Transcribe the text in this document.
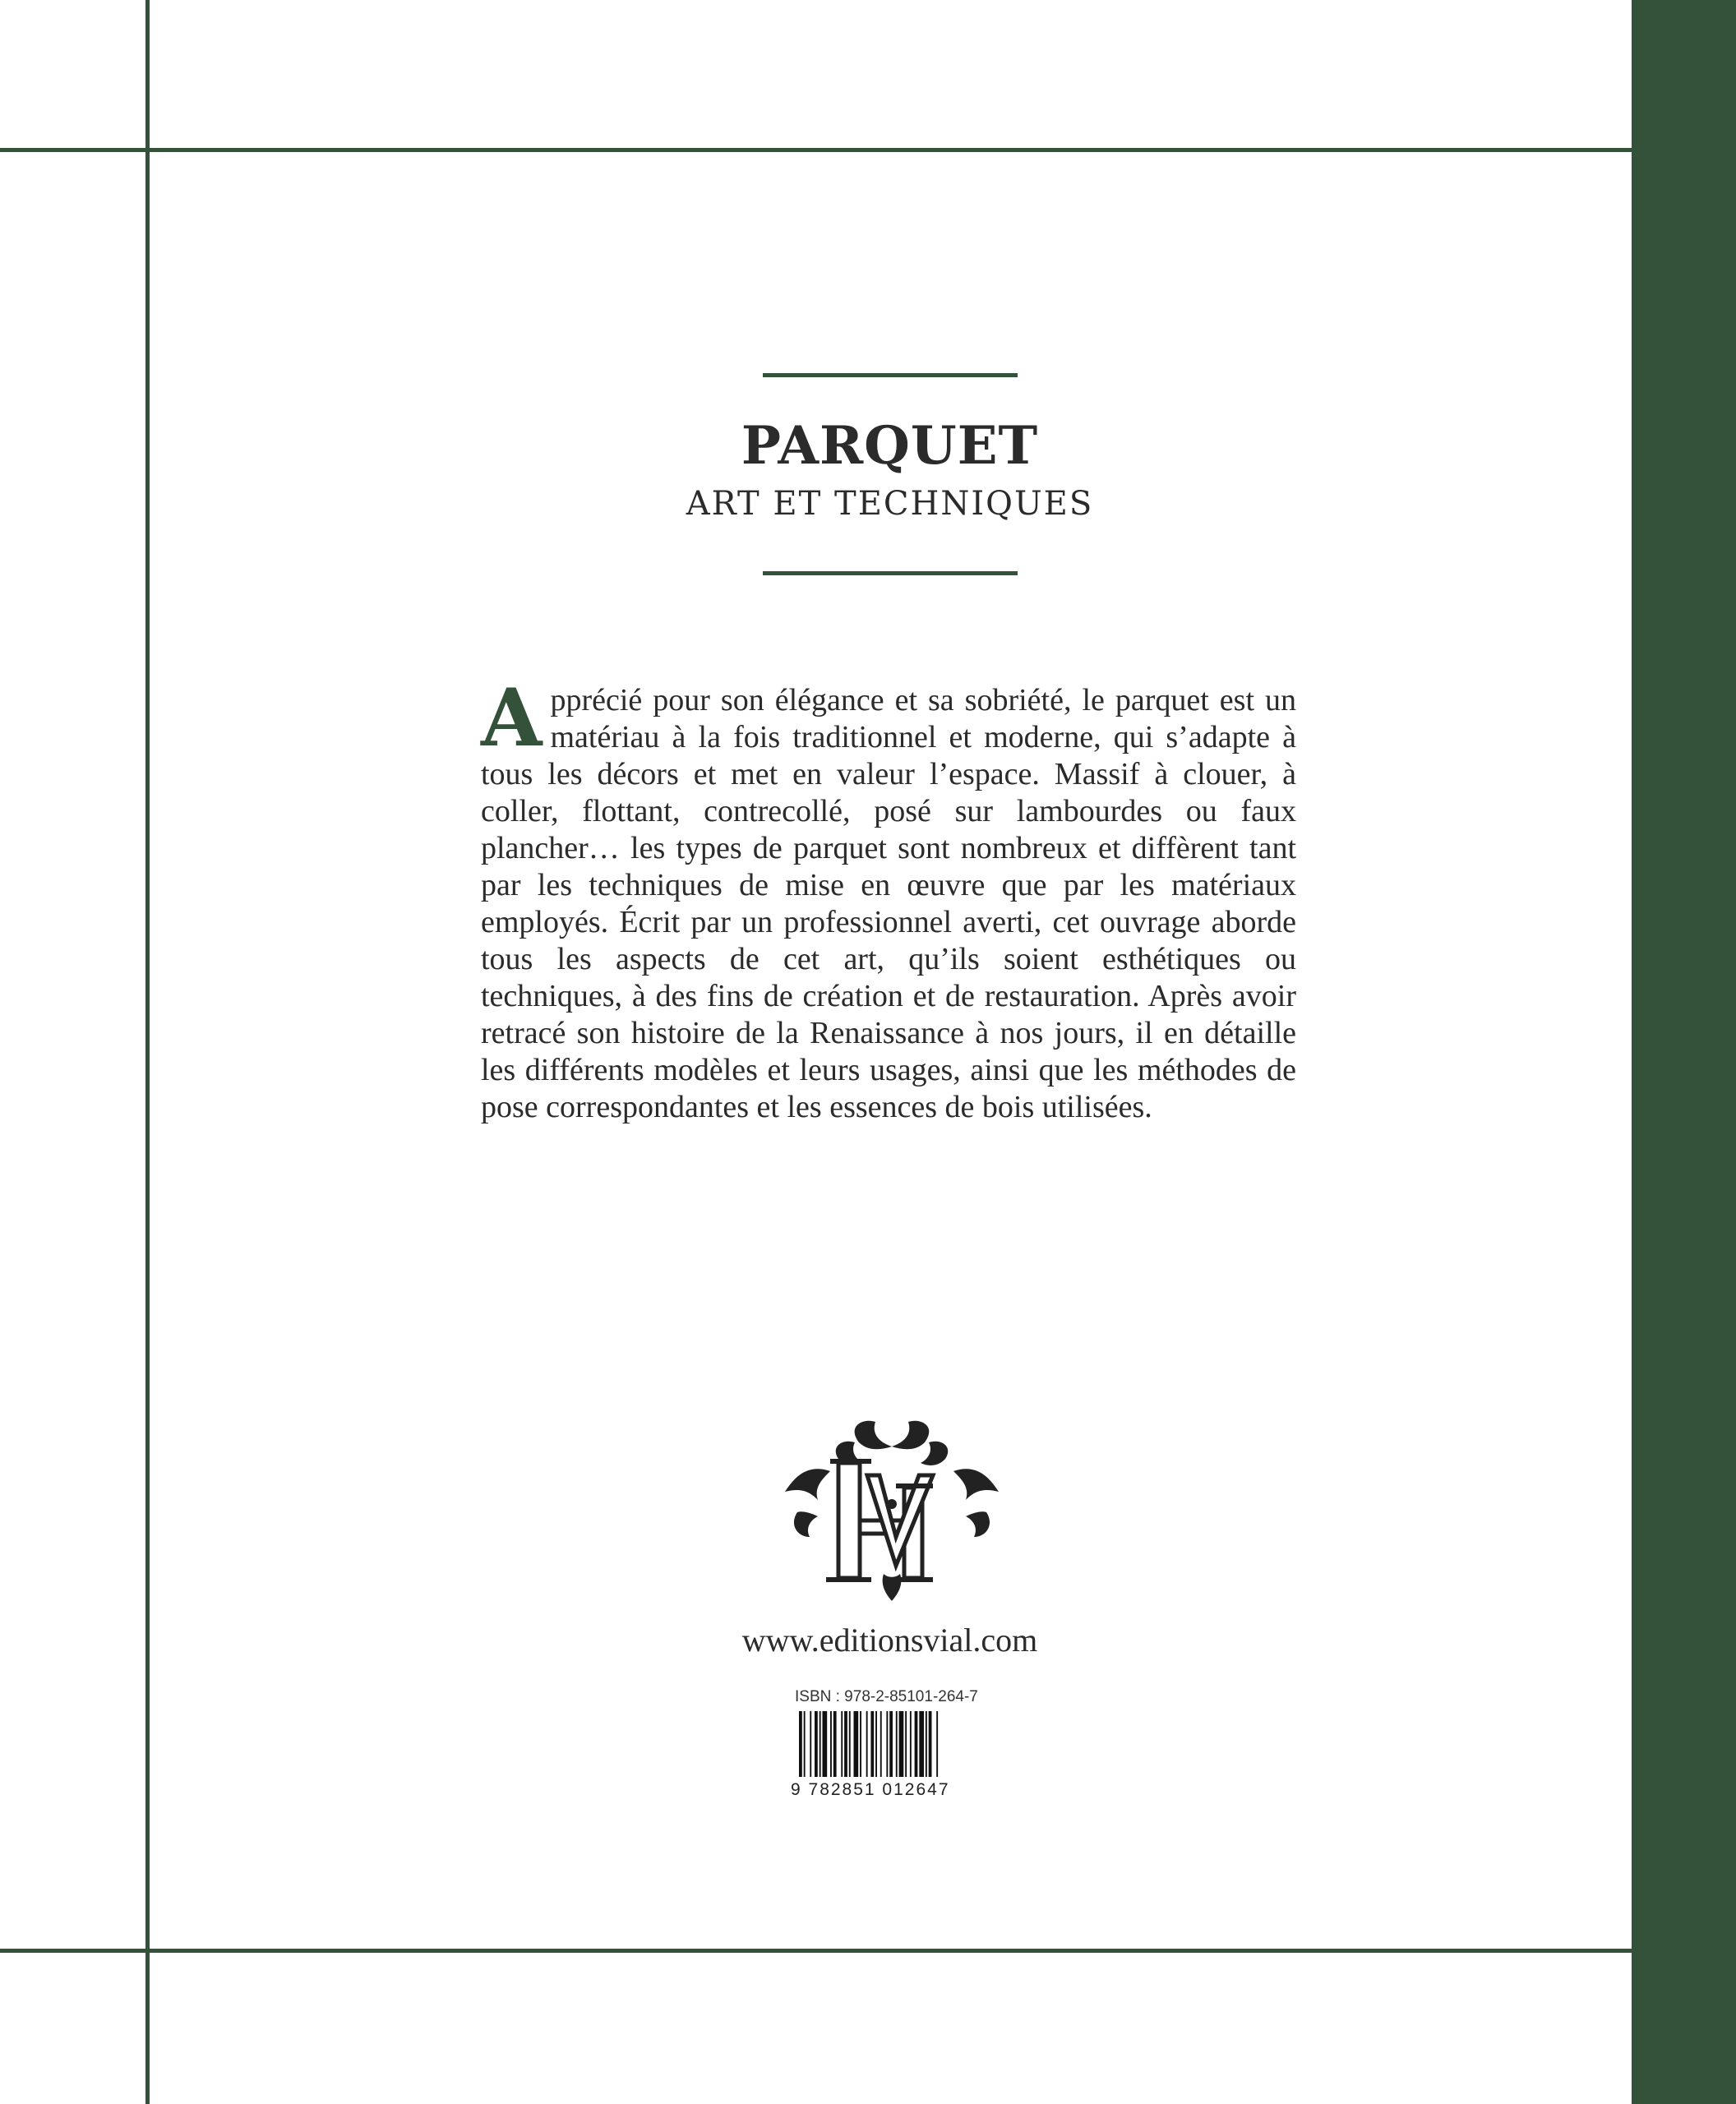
PARQUET
ART ET TECHNIQUES
A pprécié pour son élégance et sa sobriété, le parquet est un matériau à la fois traditionnel et moderne, qui s’adapte à tous les décors et met en valeur l’espace. Massif à clouer, à coller, flottant, contrecollé, posé sur lambourdes ou faux plancher… les types de parquet sont nombreux et diffèrent tant par les techniques de mise en œuvre que par les matériaux employés. Écrit par un professionnel averti, cet ouvrage aborde tous les aspects de cet art, qu’ils soient esthétiques ou techniques, à des fins de création et de restauration. Après avoir retracé son histoire de la Renaissance à nos jours, il en détaille les différents modèles et leurs usages, ainsi que les méthodes de pose correspondantes et les essences de bois utilisées.
www.editionsvial.com
ISBN : 978-2-85101-264-7
9 782851 012647
